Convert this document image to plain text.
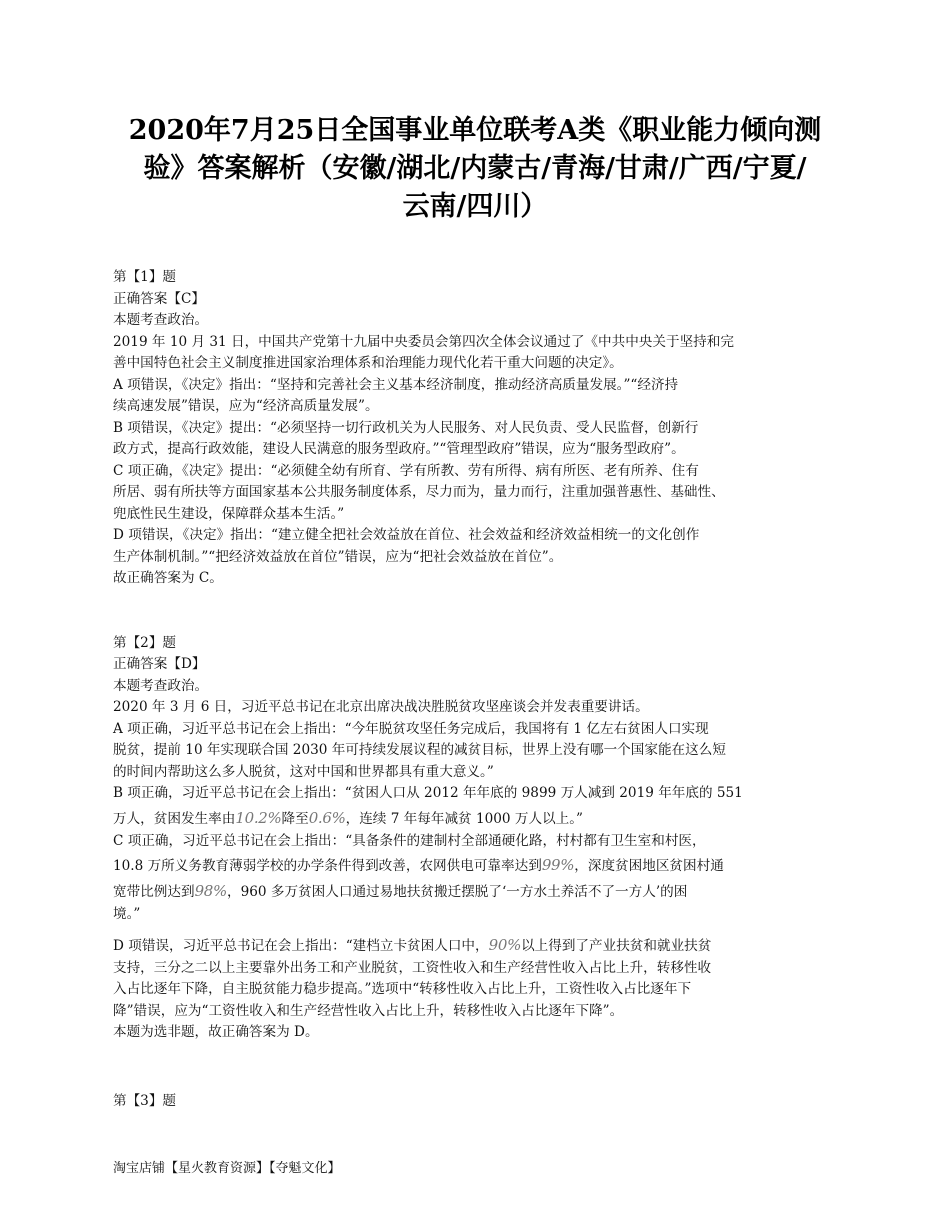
2020年7月25日全国事业单位联考A类《职业能力倾向测
验》答案解析（安徽/湖北/内蒙古/青海/甘肃/广西/宁夏/
云南/四川）
第【1】题
正确答案【C】
本题考查政治。
2019 年 10 月 31 日，中国共产党第十九届中央委员会第四次全体会议通过了《中共中央关于坚持和完
善中国特色社会主义制度推进国家治理体系和治理能力现代化若干重大问题的决定》。
A 项错误，《决定》指出：“坚持和完善社会主义基本经济制度，推动经济高质量发展。”“经济持
续高速发展”错误，应为“经济高质量发展”。
B 项错误，《决定》提出：“必须坚持一切行政机关为人民服务、对人民负责、受人民监督，创新行
政方式，提高行政效能，建设人民满意的服务型政府。”“管理型政府”错误，应为“服务型政府”。
C 项正确，《决定》提出：“必须健全幼有所育、学有所教、劳有所得、病有所医、老有所养、住有
所居、弱有所扶等方面国家基本公共服务制度体系，尽力而为，量力而行，注重加强普惠性、基础性、
兜底性民生建设，保障群众基本生活。”
D 项错误，《决定》指出：“建立健全把社会效益放在首位、社会效益和经济效益相统一的文化创作
生产体制机制。”“把经济效益放在首位”错误，应为“把社会效益放在首位”。
故正确答案为 C。
第【2】题
正确答案【D】
本题考查政治。
2020 年 3 月 6 日，习近平总书记在北京出席决战决胜脱贫攻坚座谈会并发表重要讲话。
A 项正确，习近平总书记在会上指出：“今年脱贫攻坚任务完成后，我国将有 1 亿左右贫困人口实现
脱贫，提前 10 年实现联合国 2030 年可持续发展议程的减贫目标，世界上没有哪一个国家能在这么短
的时间内帮助这么多人脱贫，这对中国和世界都具有重大意义。”
B 项正确，习近平总书记在会上指出：“贫困人口从 2012 年年底的 9899 万人减到 2019 年年底的 551
万人，贫困发生率由10.2%降至0.6%，连续 7 年每年减贫 1000 万人以上。”
C 项正确，习近平总书记在会上指出：“具备条件的建制村全部通硬化路，村村都有卫生室和村医，
10.8 万所义务教育薄弱学校的办学条件得到改善，农网供电可靠率达到99%，深度贫困地区贫困村通
宽带比例达到98%，960 多万贫困人口通过易地扶贫搬迁摆脱了‘一方水土养活不了一方人’的困
境。”
D 项错误，习近平总书记在会上指出：“建档立卡贫困人口中，90%以上得到了产业扶贫和就业扶贫
支持，三分之二以上主要靠外出务工和产业脱贫，工资性收入和生产经营性收入占比上升，转移性收
入占比逐年下降，自主脱贫能力稳步提高。”选项中“转移性收入占比上升，工资性收入占比逐年下
降”错误，应为“工资性收入和生产经营性收入占比上升，转移性收入占比逐年下降”。
本题为选非题，故正确答案为 D。
第【3】题
淘宝店铺【星火教育资源】【夺魁文化】
